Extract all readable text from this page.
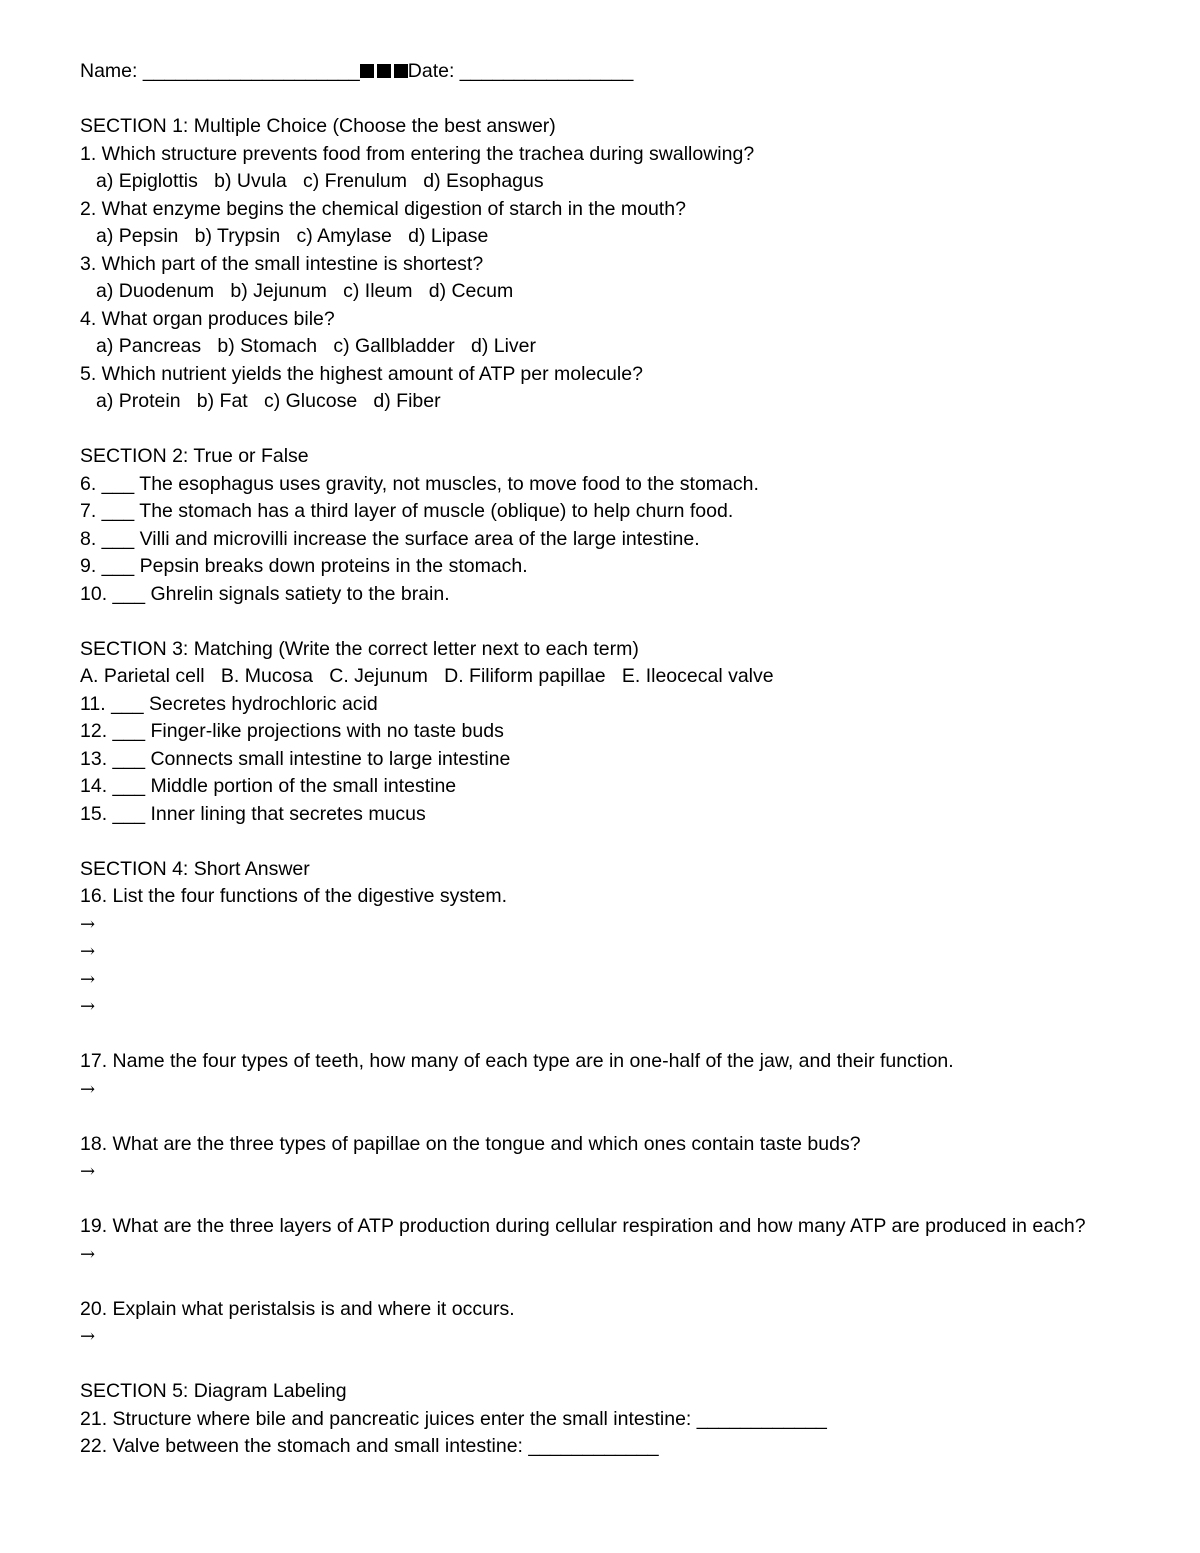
Name: ____________________ Date: ________________
SECTION 1: Multiple Choice (Choose the best answer)
1. Which structure prevents food from entering the trachea during swallowing?
a) Epiglottis   b) Uvula   c) Frenulum   d) Esophagus
2. What enzyme begins the chemical digestion of starch in the mouth?
a) Pepsin   b) Trypsin   c) Amylase   d) Lipase
3. Which part of the small intestine is shortest?
a) Duodenum   b) Jejunum   c) Ileum   d) Cecum
4. What organ produces bile?
a) Pancreas   b) Stomach   c) Gallbladder   d) Liver
5. Which nutrient yields the highest amount of ATP per molecule?
a) Protein   b) Fat   c) Glucose   d) Fiber
SECTION 2: True or False
6. ___ The esophagus uses gravity, not muscles, to move food to the stomach.
7. ___ The stomach has a third layer of muscle (oblique) to help churn food.
8. ___ Villi and microvilli increase the surface area of the large intestine.
9. ___ Pepsin breaks down proteins in the stomach.
10. ___ Ghrelin signals satiety to the brain.
SECTION 3: Matching (Write the correct letter next to each term)
A. Parietal cell   B. Mucosa   C. Jejunum   D. Filiform papillae   E. Ileocecal valve
11. ___ Secretes hydrochloric acid
12. ___ Finger-like projections with no taste buds
13. ___ Connects small intestine to large intestine
14. ___ Middle portion of the small intestine
15. ___ Inner lining that secretes mucus
SECTION 4: Short Answer
16. List the four functions of the digestive system.
→
→
→
→
17. Name the four types of teeth, how many of each type are in one-half of the jaw, and their function.
→
18. What are the three types of papillae on the tongue and which ones contain taste buds?
→
19. What are the three layers of ATP production during cellular respiration and how many ATP are produced in each?
→
20. Explain what peristalsis is and where it occurs.
→
SECTION 5: Diagram Labeling
21. Structure where bile and pancreatic juices enter the small intestine: ____________
22. Valve between the stomach and small intestine: ____________
